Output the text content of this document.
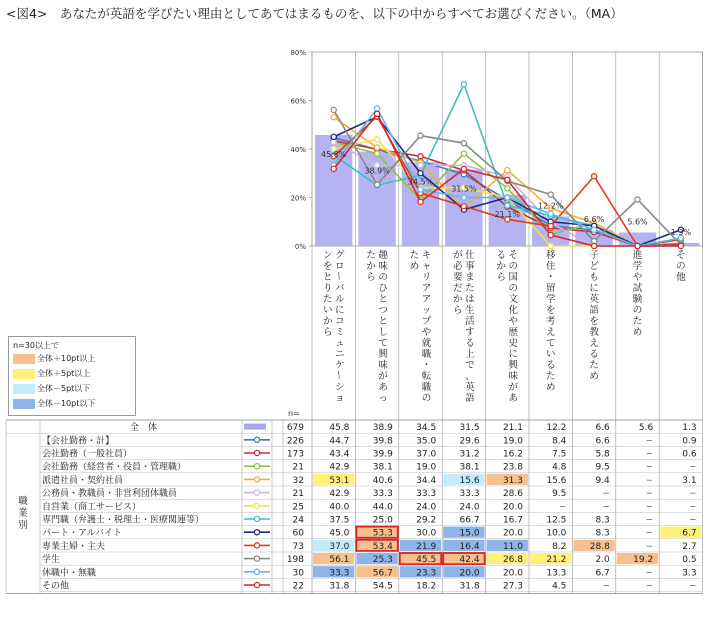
<図4>　あなたが英語を学びたい理由としてあてはまるものを、以下の中からすべてお選びください。（MA）
0%
20%
40%
60%
80%
45.8%
38.9%
34.5%
31.5%
21.1%
12.2%
6.6%	5.6%
1.3%
グ
ロ
ー
バ
ル
に
コ
ミ
ュ
ニ
ケ
ー
シ
ョ
ン
を
と
り
た
い
か
ら
趣
味
の
ひ
と
つ
と
し
て
興
味
が
あ
っ
た
か
ら
キ
ャ
リ
ア
ア
ッ
プ
や
就
職
・
転
職
の
た
め
仕
事
ま
た
は
生
活
す
る
上
で
、
英
語
が
必
要
だ
か
ら
そ
の
国
の
文
化
や
歴
史
に
興
味
が
あ
る
か
ら
移
住
・
留
学
を
考
え
て
い
る
た
め
子
ど
も
に
英
語
を
教
え
る
た
め
進
学
や
試
験
の
た
め
そ
の
他
n=
全　体	679	45.8	38.9	34.5	31.5	21.1	12.2	6.6	5.6	1.3
【会社勤務・計】	226	44.7	39.8	35.0	29.6	19.0	8.4	6.6	−	0.9
会社勤務（一般社員）	173	43.4	39.9	37.0	31.2	16.2	7.5	5.8	−	0.6
会社勤務（経営者・役員・管理職）	21	42.9	38.1	19.0	38.1	23.8	4.8	9.5	−	−
派遣社員・契約社員	32	53.1	40.6	34.4	15.6	31.3	15.6	9.4	−	3.1
公務員・教職員・非営利団体職員	21	42.9	33.3	33.3	33.3	28.6	9.5	−	−	−
自営業（商工サービス）	25	40.0	44.0	24.0	24.0	20.0	−	−	−	−
専門職（弁護士・税理士・医療関連等）	24	37.5	25.0	29.2	66.7	16.7	12.5	8.3	−	−
パート・アルバイト	60	45.0	53.3	30.0	15.0	20.0	10.0	8.3	−	6.7
専業主婦・主夫	73	37.0	53.4	21.9	16.4	11.0	8.2	28.8	−	2.7
学生	198	56.1	25.3	45.5	42.4	26.8	21.2	2.0	19.2	0.5
休職中・無職	30	33.3	56.7	23.3	20.0	20.0	13.3	6.7	−	3.3
その他	22	31.8	54.5	18.2	31.8	27.3	4.5	−	−	−
職
業
別
n=30以上で
全体＋10pt以上
全体＋5pt以上
全体－5pt以下
全体－10pt以下
